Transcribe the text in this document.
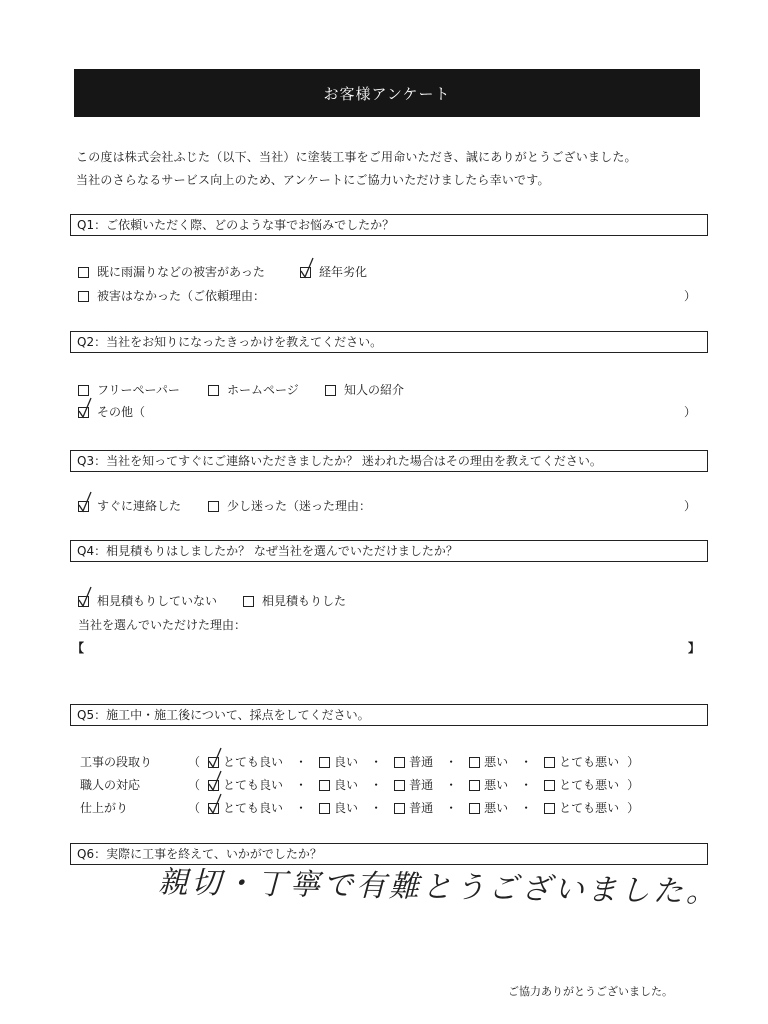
お客様アンケート
この度は株式会社ふじた（以下、当社）に塗装工事をご用命いただき、誠にありがとうございました。
当社のさらなるサービス向上のため、アンケートにご協力いただけましたら幸いです。
Q1：ご依頼いただく際、どのような事でお悩みでしたか？
既に雨漏りなどの被害があった	経年劣化
被害はなかった（ご依頼理由：	）
Q2：当社をお知りになったきっかけを教えてください。
フリーペーパー	ホームページ	知人の紹介
その他（	）
Q3：当社を知ってすぐにご連絡いただきましたか？ 迷われた場合はその理由を教えてください。
すぐに連絡した	少し迷った（迷った理由：	）
Q4：相見積もりはしましたか？ なぜ当社を選んでいただけましたか？
相見積もりしていない	相見積もりした
当社を選んでいただけた理由：
【	】
Q5：施工中・施工後について、採点をしてください。
工事の段取り	（ とても良い ・ 良い ・ 普通 ・ 悪い ・ とても悪い ）
職人の対応	（ とても良い ・ 良い ・ 普通 ・ 悪い ・ とても悪い ）
仕上がり	（ とても良い ・ 良い ・ 普通 ・ 悪い ・ とても悪い ）
Q6：実際に工事を終えて、いかがでしたか？
親切・丁寧で有難とうございました。
ご協力ありがとうございました。
